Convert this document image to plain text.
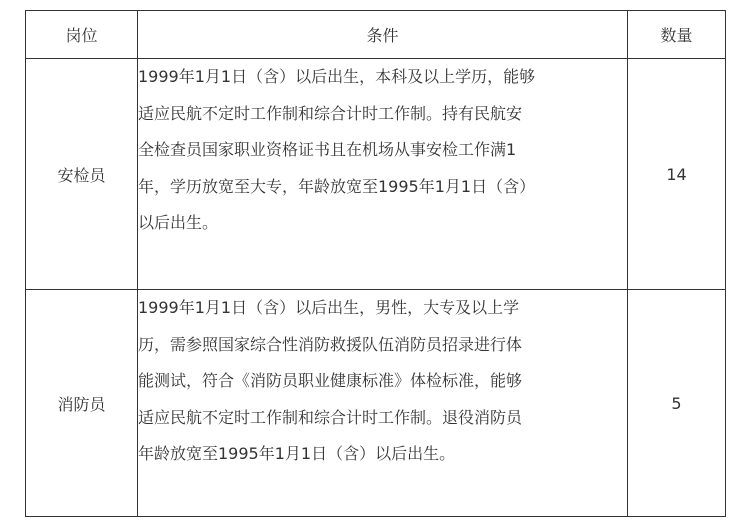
岗位	条件	数量
安检员	1999年1月1日（含）以后出生，本科及以上学历，能够
适应民航不定时工作制和综合计时工作制。持有民航安
全检查员国家职业资格证书且在机场从事安检工作满1
年，学历放宽至大专，年龄放宽至1995年1月1日（含）
以后出生。	14
消防员	1999年1月1日（含）以后出生，男性，大专及以上学
历，需参照国家综合性消防救援队伍消防员招录进行体
能测试，符合《消防员职业健康标准》体检标准，能够
适应民航不定时工作制和综合计时工作制。退役消防员
年龄放宽至1995年1月1日（含）以后出生。	5
